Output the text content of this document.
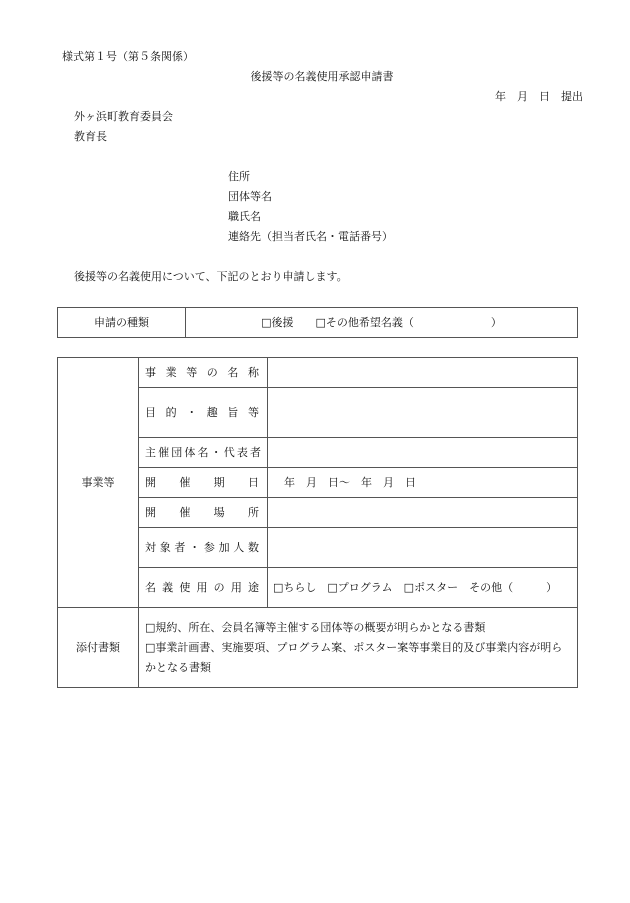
様式第１号（第５条関係）
後援等の名義使用承認申請書
年　月　日　提出
外ヶ浜町教育委員会
教育長
住所
団体等名
職氏名
連絡先（担当者氏名・電話番号）
後援等の名義使用について、下記のとおり申請します。
申請の種類	□後援　　□その他希望名義（　　　　　　　）
事業等	事業等の名称	
	目的・趣旨等	
	主催団体名・代表者	
	開催期日	年　月　日～　年　月　日
	開催場所	
	対象者・参加人数	
	名義使用の用途	□ちらし　□プログラム　□ポスター　その他（　　　）
添付書類	□規約、所在、会員名簿等主催する団体等の概要が明らかとなる書類
□事業計画書、実施要項、プログラム案、ポスター案等事業目的及び事業内容が明らかとなる書類	
